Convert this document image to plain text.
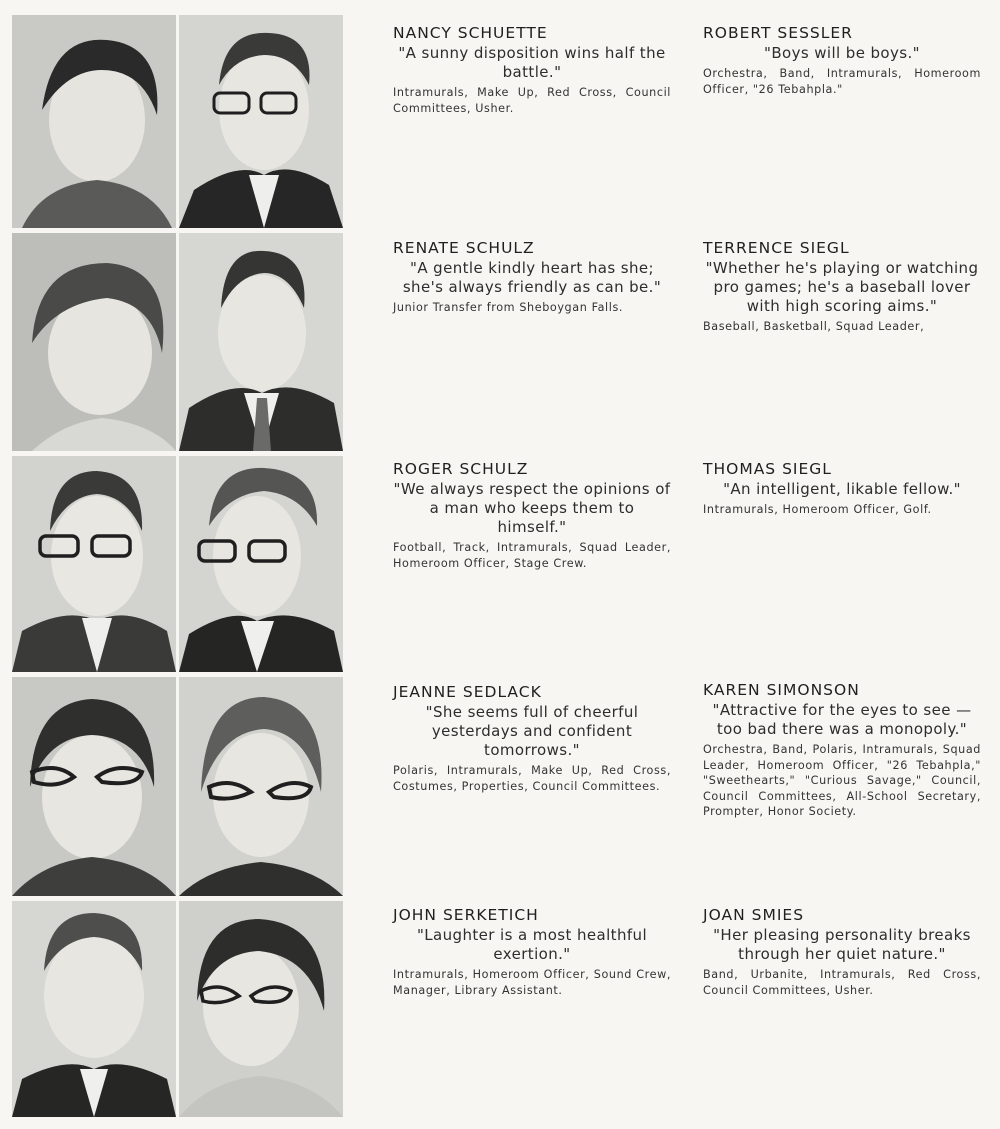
NANCY SCHUETTE

"A sunny disposition wins half the battle."

Intramurals, Make Up, Red Cross, Council Committees, Usher.

ROBERT SESSLER

"Boys will be boys."

Orchestra, Band, Intramurals, Homeroom Officer, "26 Tebahpla."

RENATE SCHULZ

"A gentle kindly heart has she; she's always friendly as can be."

Junior Transfer from Sheboygan Falls.

TERRENCE SIEGL

"Whether he's playing or watching pro games; he's a baseball lover with high scoring aims."

Baseball, Basketball, Squad Leader,

ROGER SCHULZ

"We always respect the opinions of a man who keeps them to himself."

Football, Track, Intramurals, Squad Leader, Homeroom Officer, Stage Crew.

THOMAS SIEGL

"An intelligent, likable fellow."

Intramurals, Homeroom Officer, Golf.

JEANNE SEDLACK

"She seems full of cheerful yesterdays and confident tomorrows."

Polaris, Intramurals, Make Up, Red Cross, Costumes, Properties, Council Committees.

KAREN SIMONSON

"Attractive for the eyes to see — too bad there was a monopoly."

Orchestra, Band, Polaris, Intramurals, Squad Leader, Homeroom Officer, "26 Tebahpla," "Sweethearts," "Curious Savage," Council, Council Committees, All-School Secretary, Prompter, Honor Society.

JOHN SERKETICH

"Laughter is a most healthful exertion."

Intramurals, Homeroom Officer, Sound Crew, Manager, Library Assistant.

JOAN SMIES

"Her pleasing personality breaks through her quiet nature."

Band, Urbanite, Intramurals, Red Cross, Council Committees, Usher.
